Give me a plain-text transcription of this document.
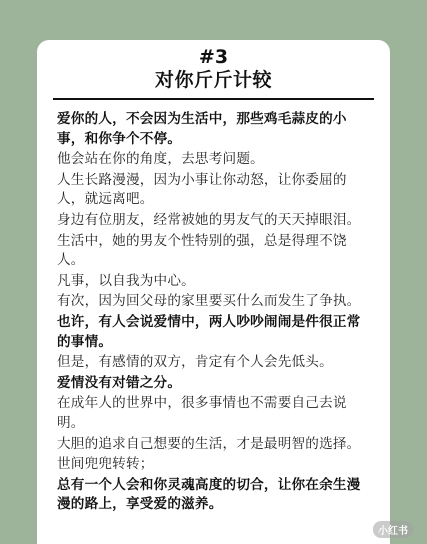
#3
对你斤斤计较

爱你的人，不会因为生活中，那些鸡毛蒜皮的小事，和你争个不停。

他会站在你的角度，去思考问题。

人生长路漫漫，因为小事让你动怒，让你委屈的人，就远离吧。

身边有位朋友，经常被她的男友气的天天掉眼泪。

生活中，她的男友个性特别的强，总是得理不饶人。

凡事，以自我为中心。

有次，因为回父母的家里要买什么而发生了争执。

也许，有人会说爱情中，两人吵吵闹闹是件很正常的事情。

但是，有感情的双方，肯定有个人会先低头。

爱情没有对错之分。

在成年人的世界中，很多事情也不需要自己去说明。

大胆的追求自己想要的生活，才是最明智的选择。

世间兜兜转转；

总有一个人会和你灵魂高度的切合，让你在余生漫漫的路上，享受爱的滋养。

小红书
